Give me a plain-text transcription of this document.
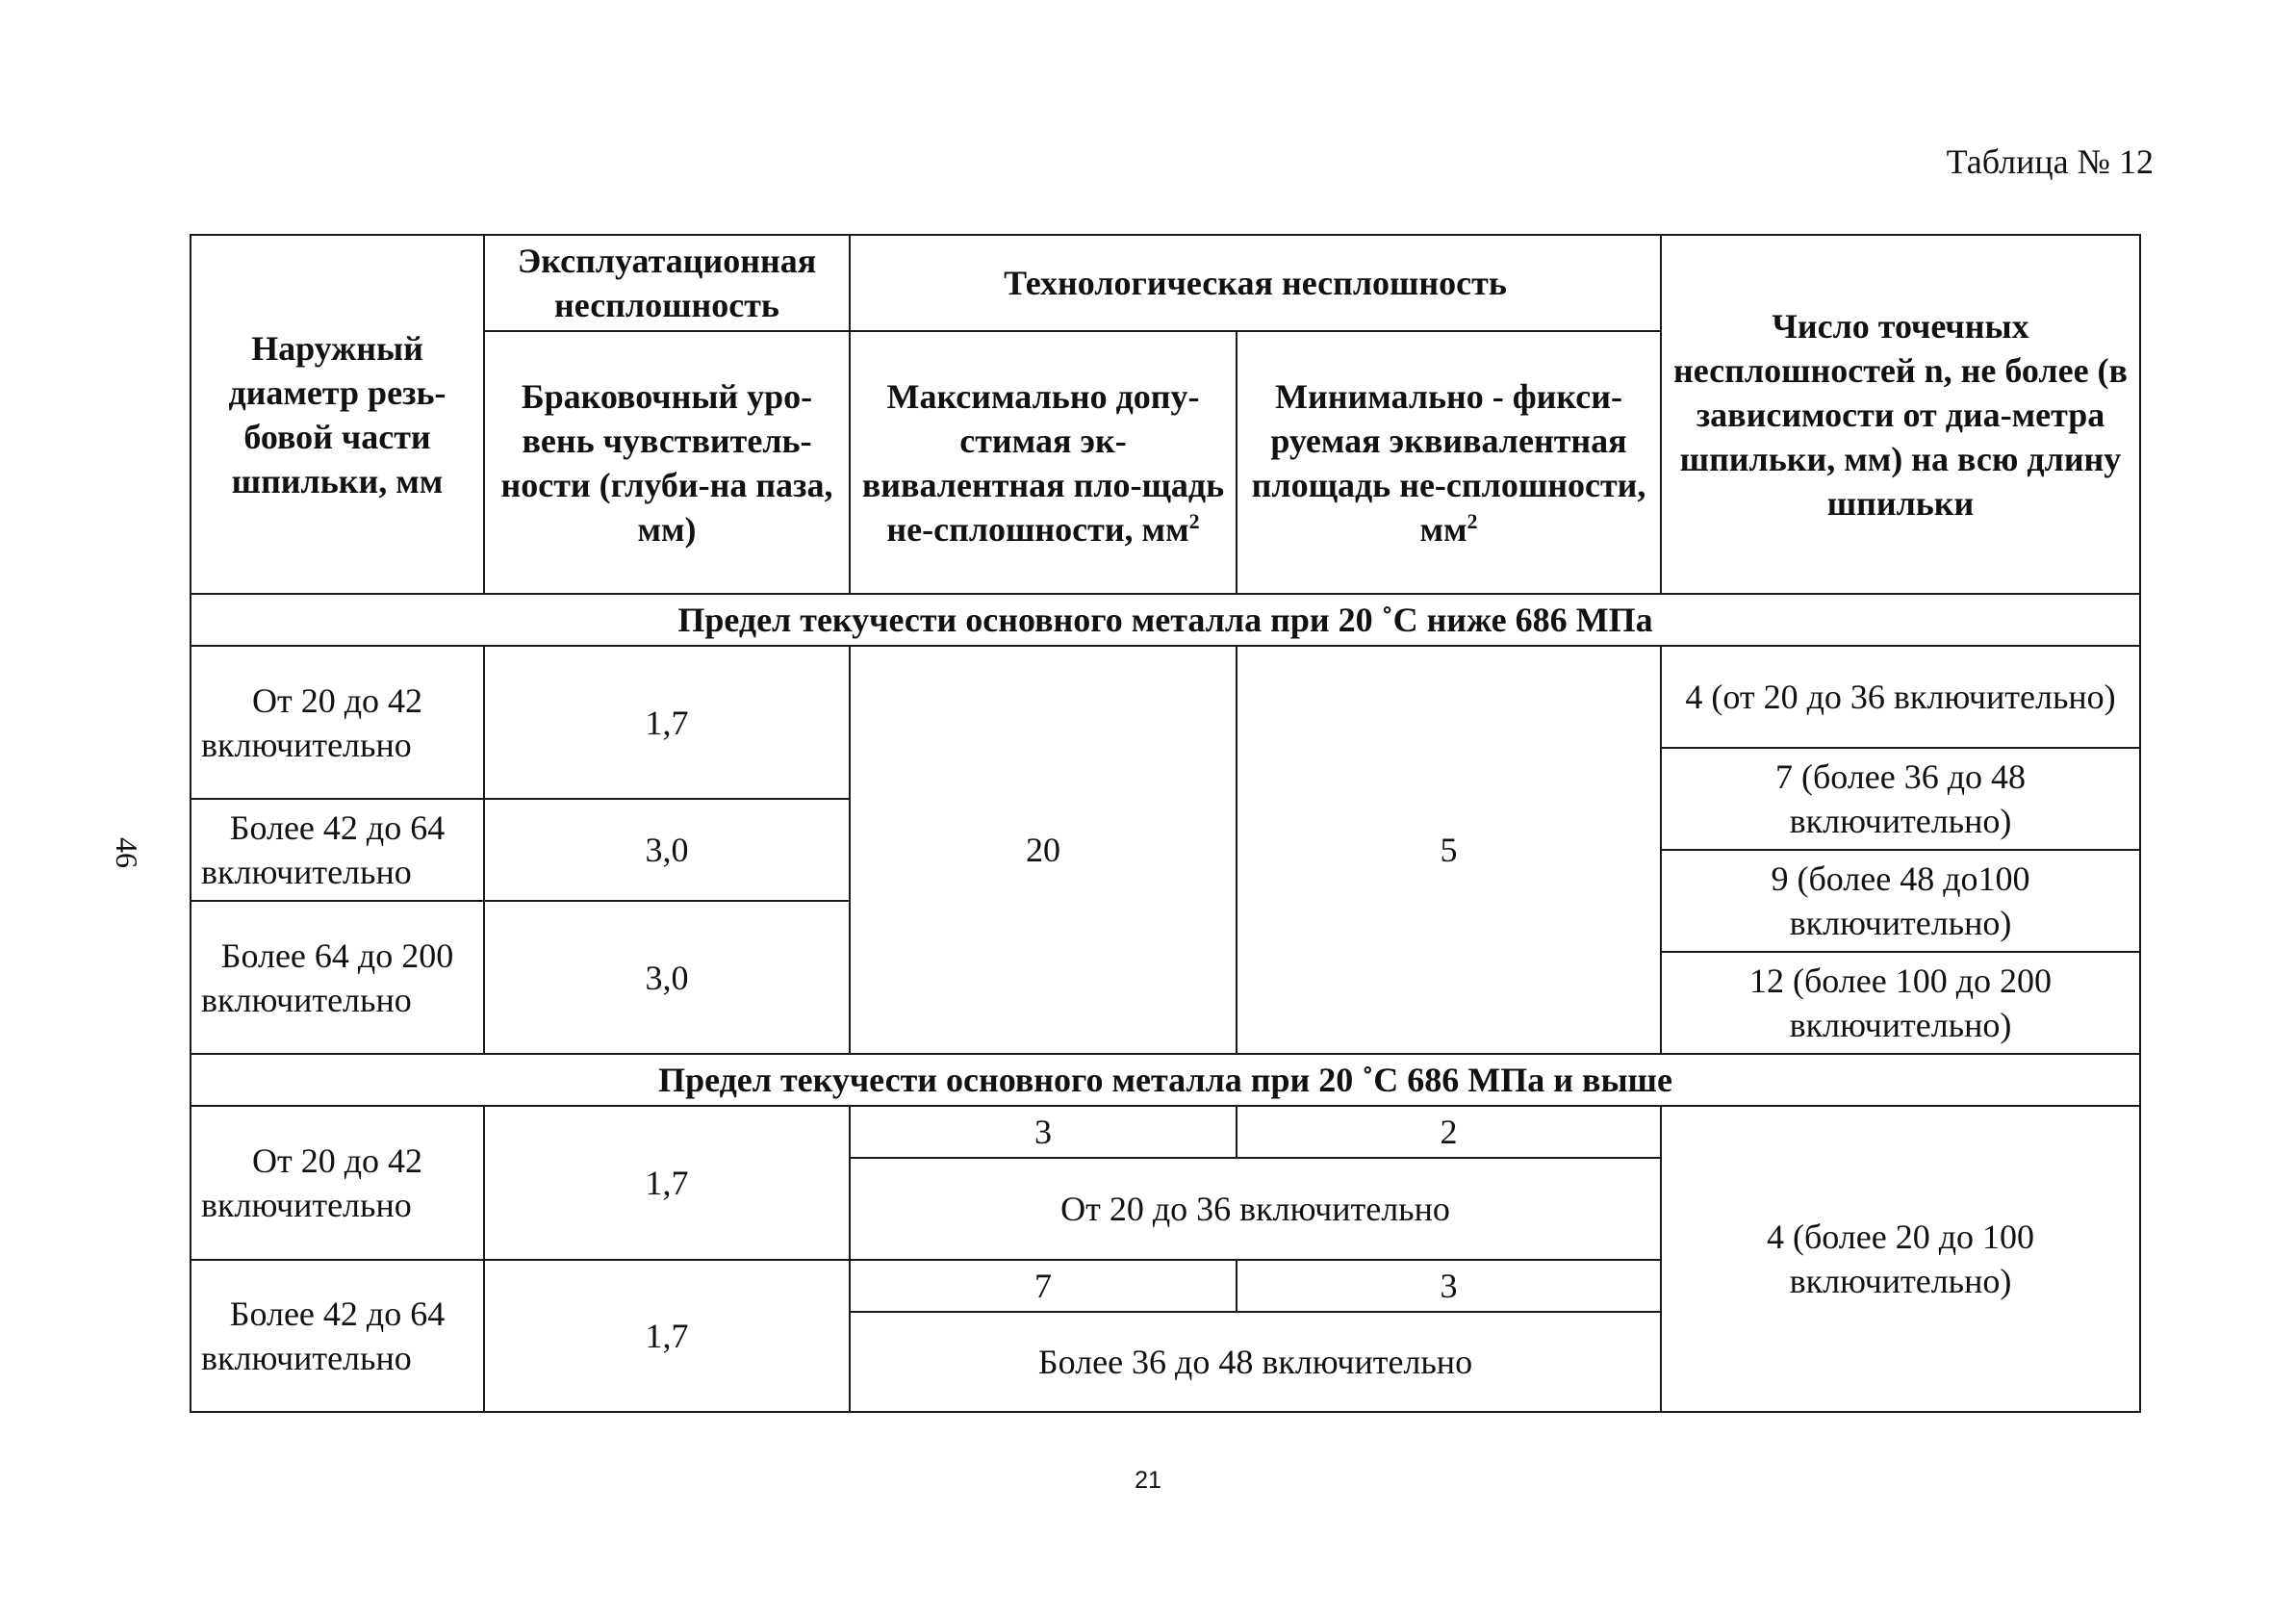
Таблица № 12
46
Наружный диаметр резь-бовой части шпильки, мм	Эксплуатационная несплошность	Технологическая несплошность		Число точечных несплошностей n, не более (в зависимости от диа-метра шпильки, мм) на всю длину шпильки
	Браковочный уро-вень чувствитель-ности (глуби-на паза, мм)	Максимально допу-стимая эк-вивалентная пло-щадь не-сплошности, $мм^2$	Минимально - фикси-руемая эквивалентная площадь не-сплошности, $мм^2$
Предел текучести основного металла при 20 ˚С ниже 686 МПа				
От 20 до 42 включительно	1,7	20	5	4 (от 20 до 36 включительно)

				7 (более 36 до 48 включительно)
Более 42 до 64 включительно	3,0			
				9 (более 48 до100 включительно)
Более 64 до 200 включительно	3,0			
				12 (более 100 до 200 включительно)

Предел текучести основного металла при 20 ˚С 686 МПа и выше				
От 20 до 42 включительно	1,7	3	2	4 (более 20 до 100 включительно)
		От 20 до 36 включительно		
Более 42 до 64 включительно	1,7	7	3	
		Более 36 до 48 включительно		
21
